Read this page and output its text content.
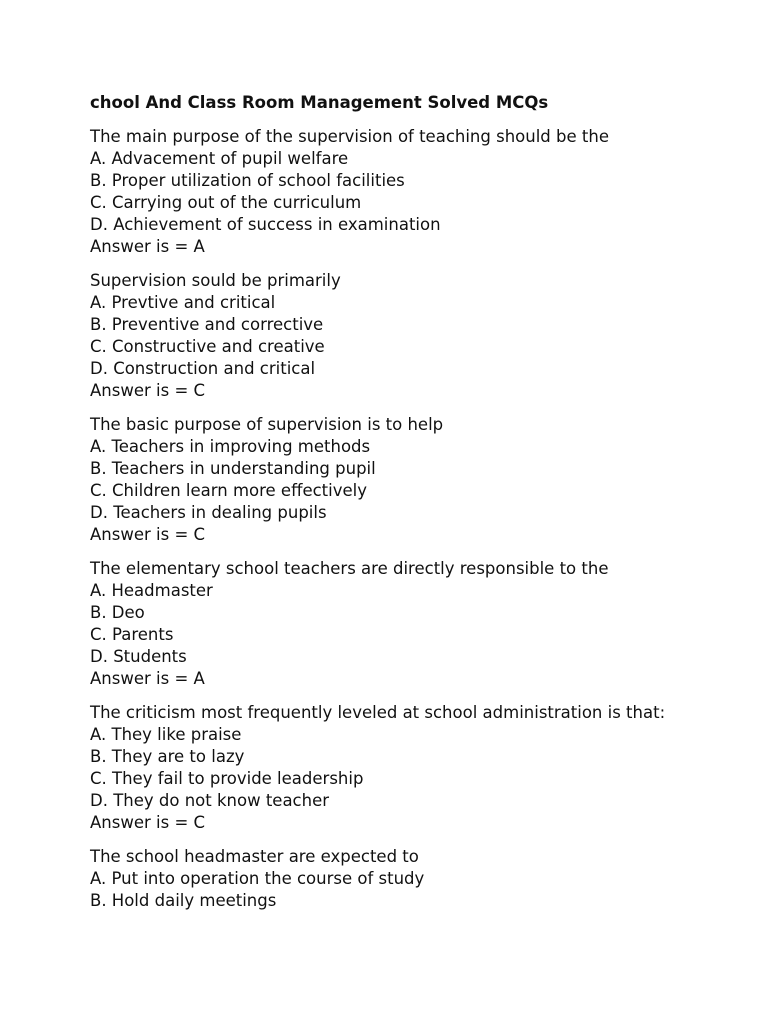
chool And Class Room Management Solved MCQs
The main purpose of the supervision of teaching should be the
A. Advacement of pupil welfare
B. Proper utilization of school facilities
C. Carrying out of the curriculum
D. Achievement of success in examination
Answer is = A
Supervision sould be primarily
A. Prevtive and critical
B. Preventive and corrective
C. Constructive and creative
D. Construction and critical
Answer is = C
The basic purpose of supervision is to help
A. Teachers in improving methods
B. Teachers in understanding pupil
C. Children learn more effectively
D. Teachers in dealing pupils
Answer is = C
The elementary school teachers are directly responsible to the
A. Headmaster
B. Deo
C. Parents
D. Students
Answer is = A
The criticism most frequently leveled at school administration is that:
A. They like praise
B. They are to lazy
C. They fail to provide leadership
D. They do not know teacher
Answer is = C
The school headmaster are expected to
A. Put into operation the course of study
B. Hold daily meetings
